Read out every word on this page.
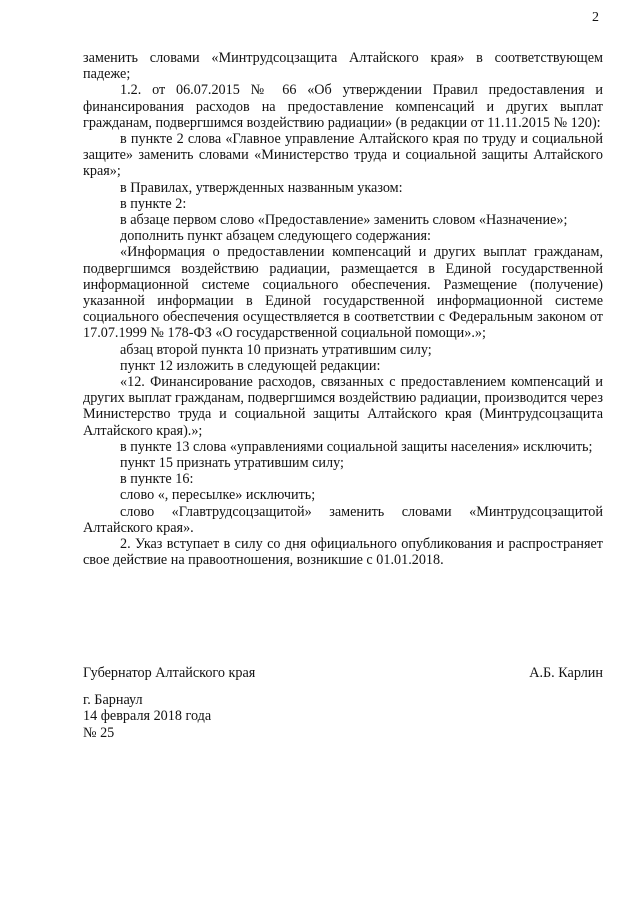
2

заменить словами «Минтрудсоцзащита Алтайского края» в соответствующем падеже;

1.2. от 06.07.2015 № 66 «Об утверждении Правил предоставления и финансирования расходов на предоставление компенсаций и других выплат гражданам, подвергшимся воздействию радиации» (в редакции от 11.11.2015 № 120):

в пункте 2 слова «Главное управление Алтайского края по труду и социальной защите» заменить словами «Министерство труда и социальной защиты Алтайского края»;

в Правилах, утвержденных названным указом:

в пункте 2:

в абзаце первом слово «Предоставление» заменить словом «Назначение»;

дополнить пункт абзацем следующего содержания:

«Информация о предоставлении компенсаций и других выплат гражданам, подвергшимся воздействию радиации, размещается в Единой государственной информационной системе социального обеспечения. Размещение (получение) указанной информации в Единой государственной информационной системе социального обеспечения осуществляется в соответствии с Федеральным законом от 17.07.1999 № 178-ФЗ «О государственной социальной помощи».»;

абзац второй пункта 10 признать утратившим силу;

пункт 12 изложить в следующей редакции:

«12. Финансирование расходов, связанных с предоставлением компенсаций и других выплат гражданам, подвергшимся воздействию радиации, производится через Министерство труда и социальной защиты Алтайского края (Минтрудсоцзащита Алтайского края).»;

в пункте 13 слова «управлениями социальной защиты населения» исключить;

пункт 15 признать утратившим силу;

в пункте 16:

слово «, пересылке» исключить;

слово «Главтрудсоцзащитой» заменить словами «Минтрудсоцзащитой Алтайского края».

2. Указ вступает в силу со дня официального опубликования и распространяет свое действие на правоотношения, возникшие с 01.01.2018.

Губернатор Алтайского края	А.Б. Карлин
г. Барнаул
14 февраля 2018 года
№ 25
